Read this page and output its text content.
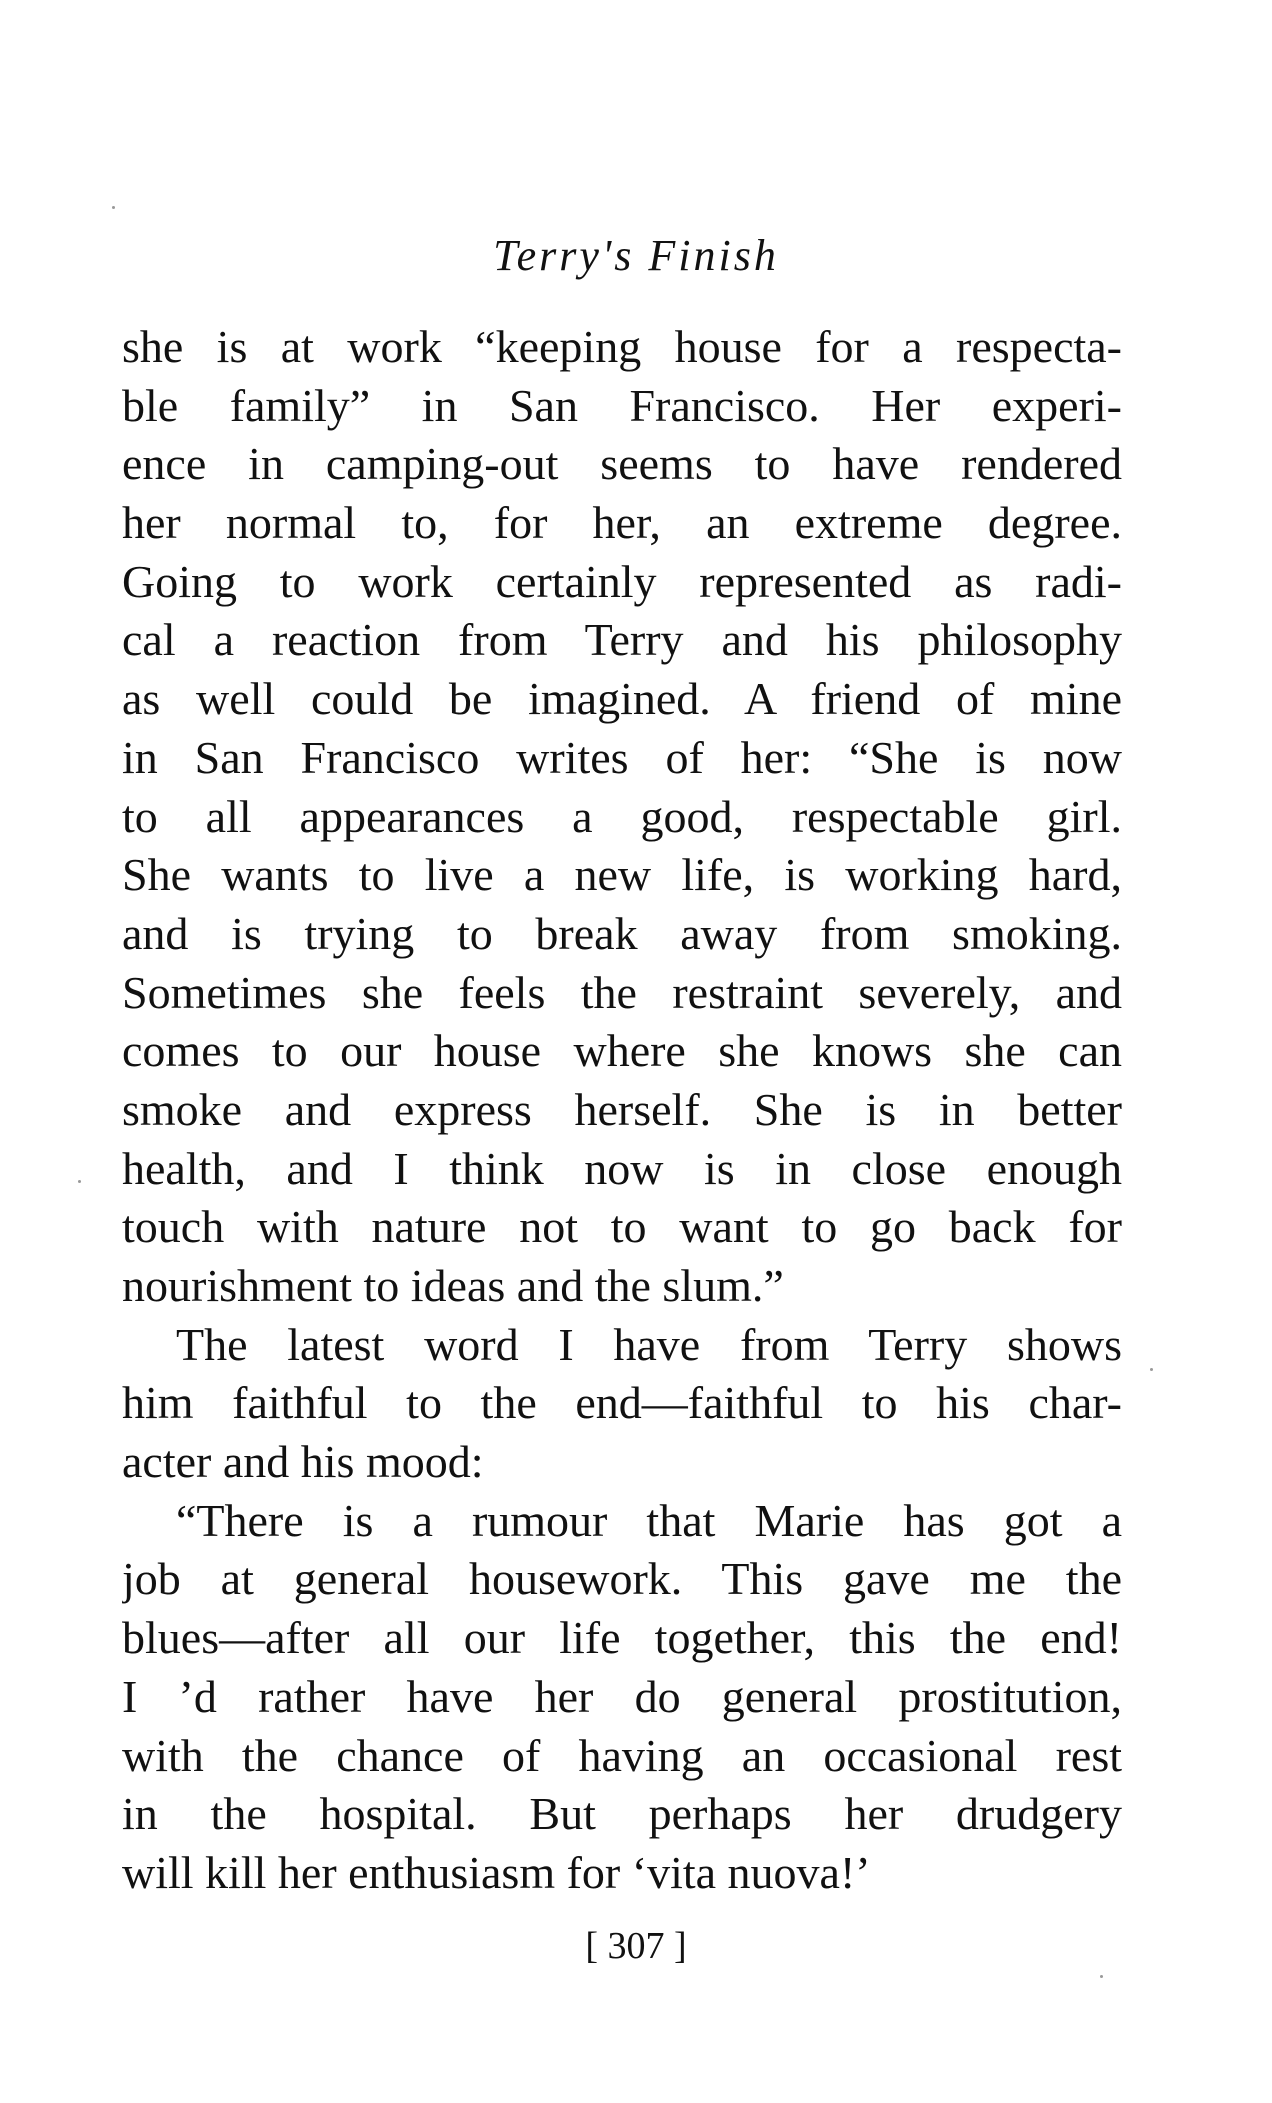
Terry's Finish
she is at work “keeping house for a respecta-
ble family” in San Francisco. Her experi-
ence in camping-out seems to have rendered
her normal to, for her, an extreme degree.
Going to work certainly represented as radi-
cal a reaction from Terry and his philosophy
as well could be imagined. A friend of mine
in San Francisco writes of her: “She is now
to all appearances a good, respectable girl.
She wants to live a new life, is working hard,
and is trying to break away from smoking.
Sometimes she feels the restraint severely, and
comes to our house where she knows she can
smoke and express herself. She is in better
health, and I think now is in close enough
touch with nature not to want to go back for
nourishment to ideas and the slum.”
The latest word I have from Terry shows
him faithful to the end—faithful to his char-
acter and his mood:
“There is a rumour that Marie has got a
job at general housework. This gave me the
blues—after all our life together, this the end!
I ’d rather have her do general prostitution,
with the chance of having an occasional rest
in the hospital. But perhaps her drudgery
will kill her enthusiasm for ‘vita nuova!’
[ 307 ]
